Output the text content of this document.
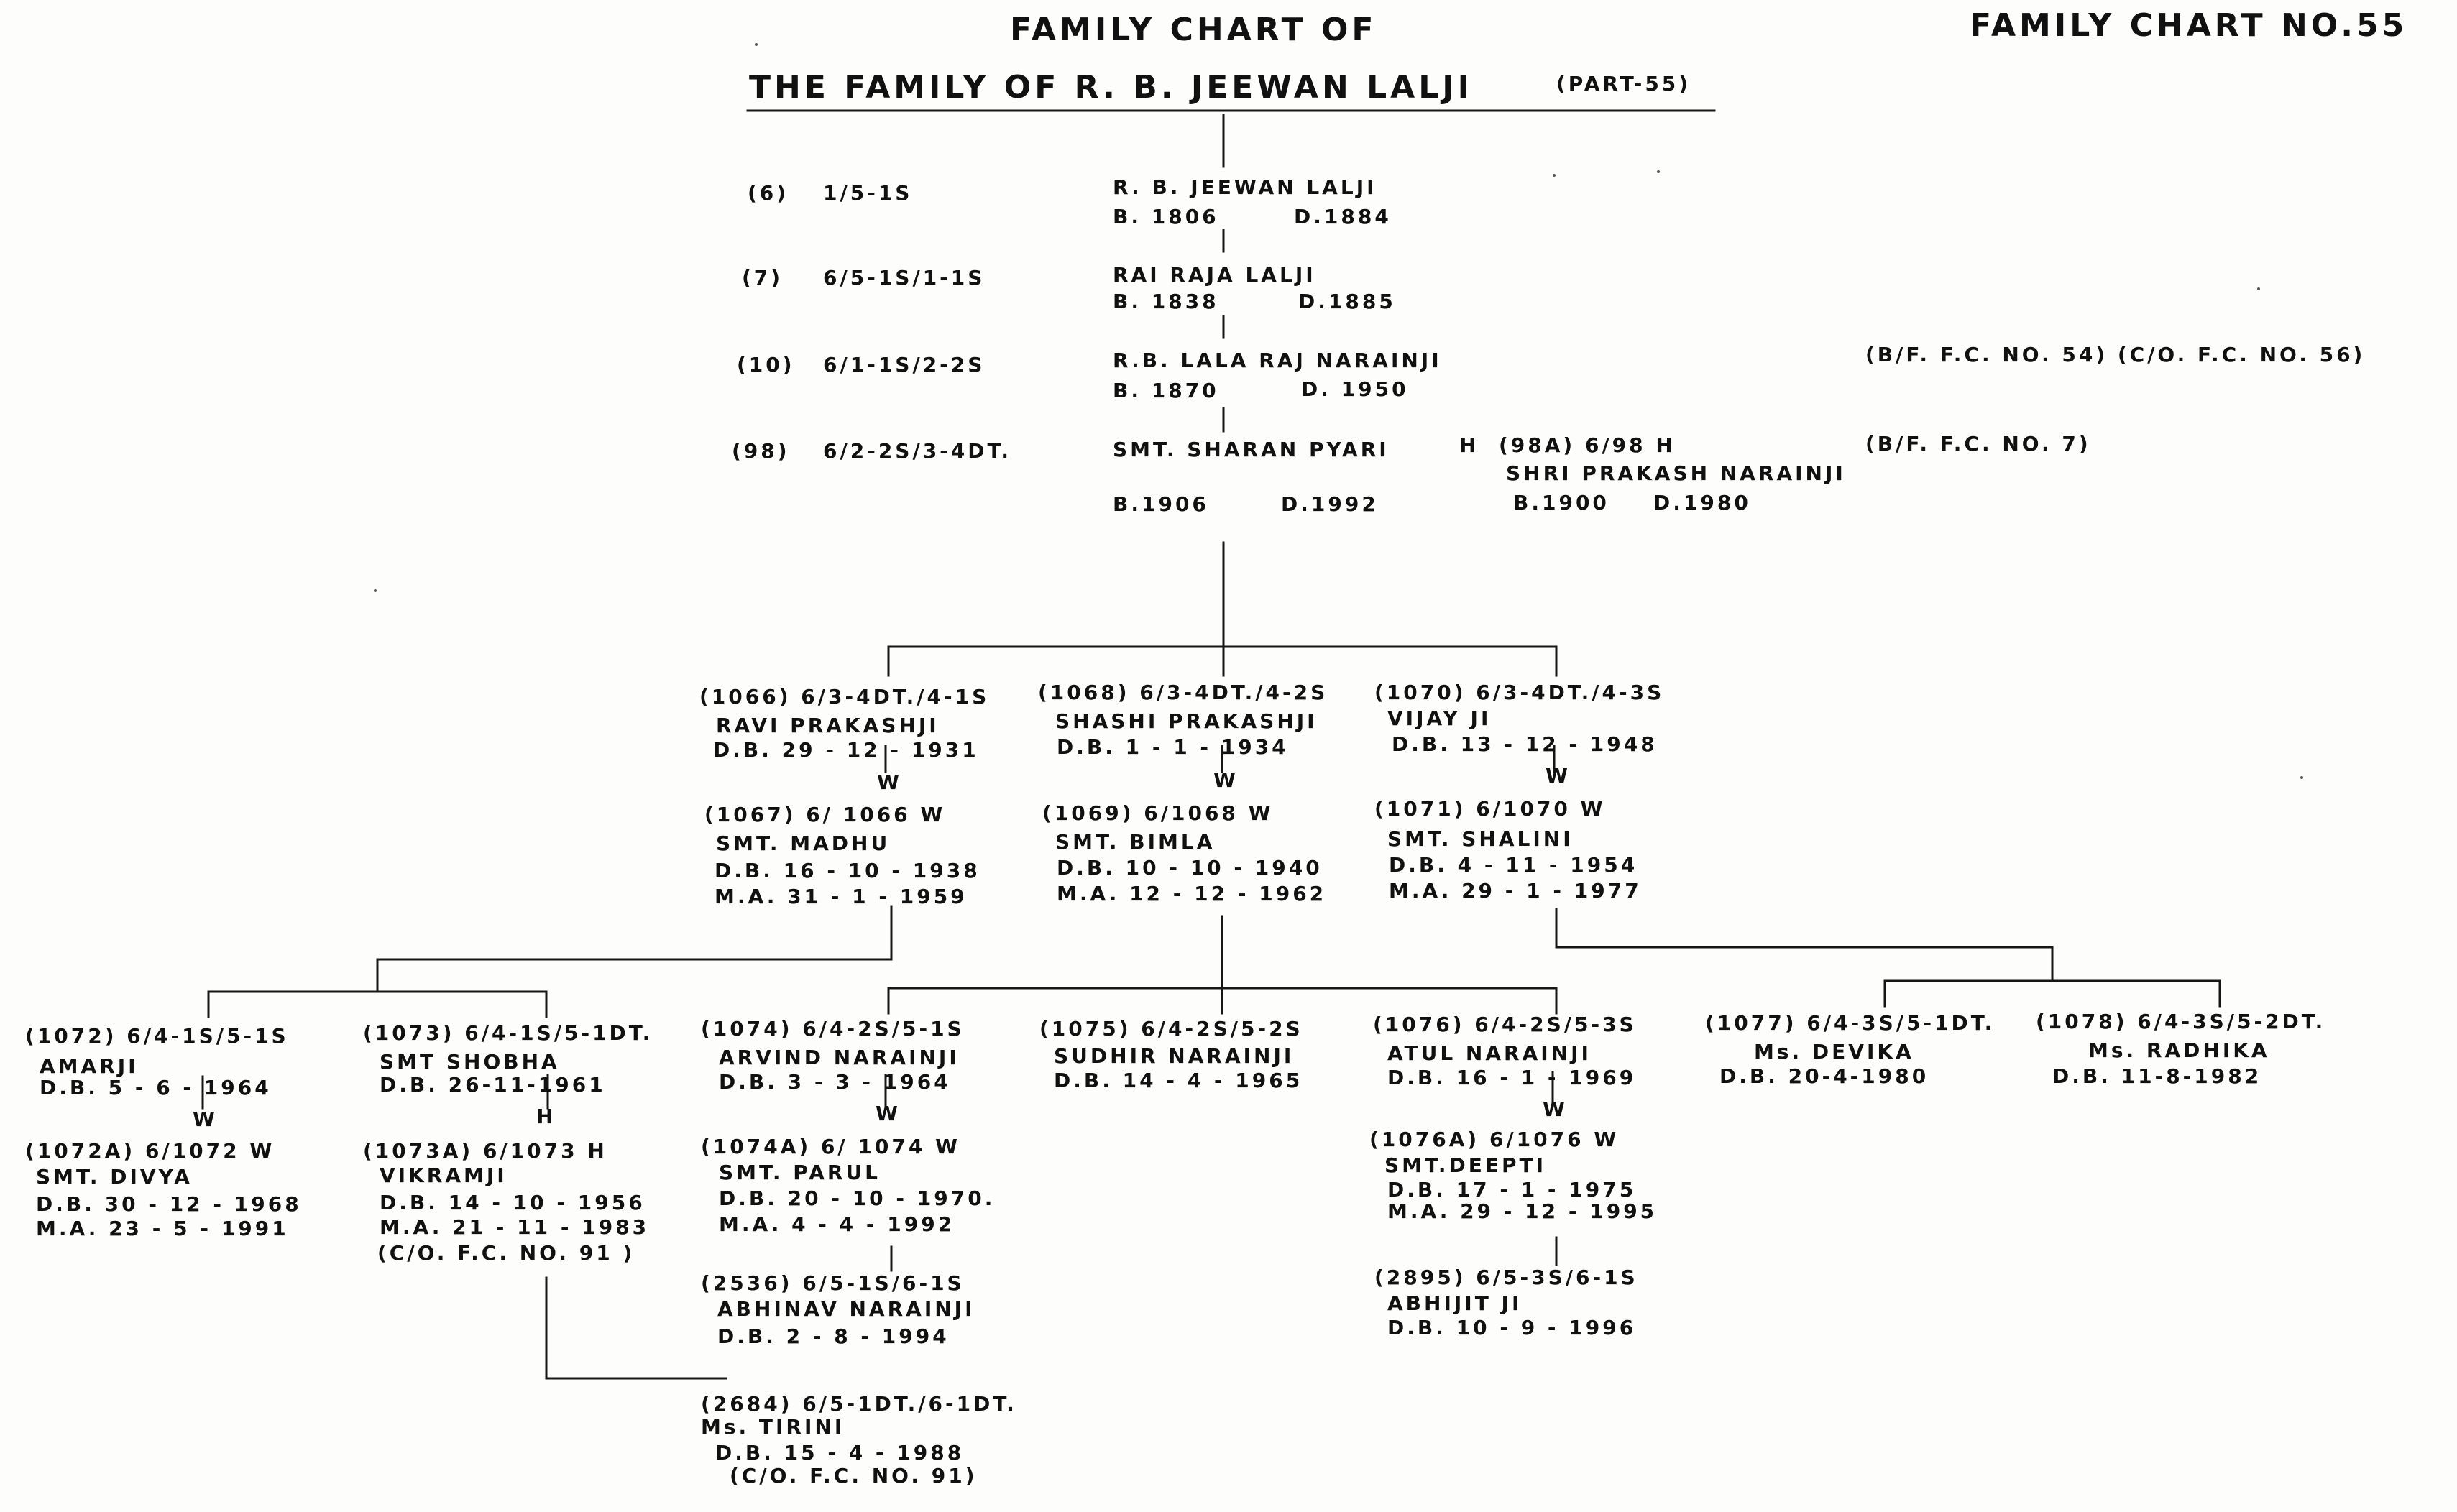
FAMILY CHART OF
THE FAMILY OF R. B. JEEWAN LALJI	(PART-55)
FAMILY CHART NO.55
(6) 1/5-1S	R. B. JEEWAN LALJI
B. 1806	D.1884
(7) 6/5-1S/1-1S	RAI RAJA LALJI
B. 1838	D.1885
(10) 6/1-1S/2-2S	R.B. LALA RAJ NARAINJI
B. 1870	D. 1950
(B/F. F.C. NO. 54) (C/O. F.C. NO. 56)
(98) 6/2-2S/3-4DT.	SMT. SHARAN PYARI	H (98A) 6/98 H
SHRI PRAKASH NARAINJI
B.1900 D.1980
B.1906	D.1992
(B/F. F.C. NO. 7)
(1066) 6/3-4DT./4-1S
RAVI PRAKASHJI
D.B. 29 - 12 - 1931
W
(1067) 6/ 1066 W
SMT. MADHU
D.B. 16 - 10 - 1938
M.A. 31 - 1 - 1959
(1068) 6/3-4DT./4-2S
SHASHI PRAKASHJI
D.B. 1 - 1 - 1934
W
(1069) 6/1068 W
SMT. BIMLA
D.B. 10 - 10 - 1940
M.A. 12 - 12 - 1962
(1070) 6/3-4DT./4-3S
VIJAY JI
D.B. 13 - 12 - 1948
W
(1071) 6/1070 W
SMT. SHALINI
D.B. 4 - 11 - 1954
M.A. 29 - 1 - 1977
(1072) 6/4-1S/5-1S
AMARJI
D.B. 5 - 6 - 1964
W
(1072A) 6/1072 W
SMT. DIVYA
D.B. 30 - 12 - 1968
M.A. 23 - 5 - 1991
(1073) 6/4-1S/5-1DT.
SMT SHOBHA
D.B. 26-11-1961
H
(1073A) 6/1073 H
VIKRAMJI
D.B. 14 - 10 - 1956
M.A. 21 - 11 - 1983
(C/O. F.C. NO. 91 )
(1074) 6/4-2S/5-1S
ARVIND NARAINJI
D.B. 3 - 3 - 1964
W
(1074A) 6/ 1074 W
SMT. PARUL
D.B. 20 - 10 - 1970.
M.A. 4 - 4 - 1992
(1075) 6/4-2S/5-2S
SUDHIR NARAINJI
D.B. 14 - 4 - 1965
(1076) 6/4-2S/5-3S
ATUL NARAINJI
D.B. 16 - 1 - 1969
W
(1076A) 6/1076 W
SMT.DEEPTI
D.B. 17 - 1 - 1975
M.A. 29 - 12 - 1995
(1077) 6/4-3S/5-1DT.
Ms. DEVIKA
D.B. 20-4-1980
(1078) 6/4-3S/5-2DT.
Ms. RADHIKA
D.B. 11-8-1982
(2684) 6/5-1DT./6-1DT.
Ms. TIRINI
D.B. 15 - 4 - 1988
(C/O. F.C. NO. 91)
(2536) 6/5-1S/6-1S
ABHINAV NARAINJI
D.B. 2 - 8 - 1994
(2895) 6/5-3S/6-1S
ABHIJIT JI
D.B. 10 - 9 - 1996
